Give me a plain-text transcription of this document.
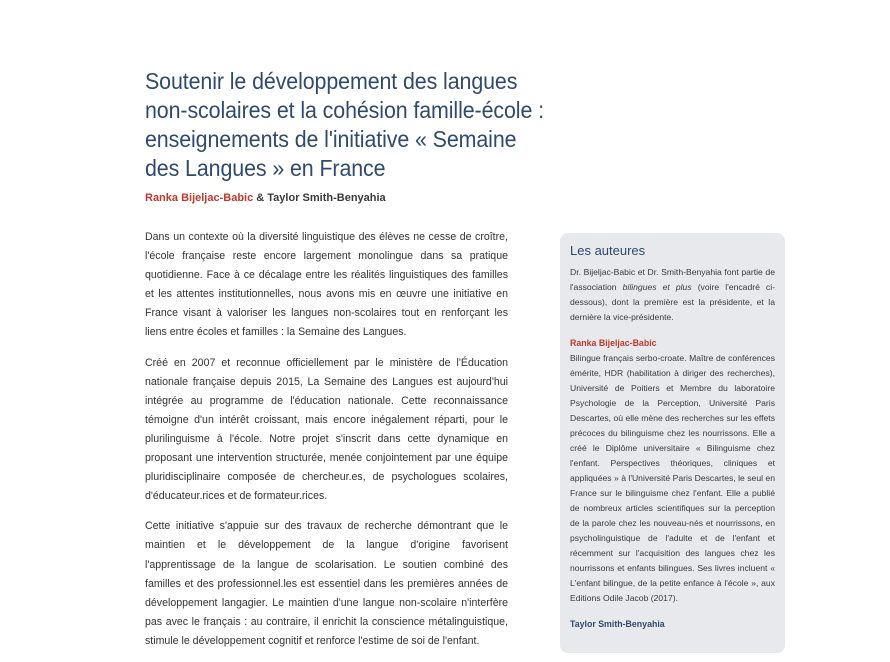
Soutenir le développement des langues non-scolaires et la cohésion famille-école : enseignements de l'initiative « Semaine des Langues » en France
Ranka Bijeljac-Babic & Taylor Smith-Benyahia

Dans un contexte où la diversité linguistique des élèves ne cesse de croître, l'école française reste encore largement monolingue dans sa pratique quotidienne. Face à ce décalage entre les réalités linguistiques des familles et les attentes institutionnelles, nous avons mis en œuvre une initiative en France visant à valoriser les langues non-scolaires tout en renforçant les liens entre écoles et familles : la Semaine des Langues.

Créé en 2007 et reconnue officiellement par le ministère de l'Éducation nationale française depuis 2015, La Semaine des Langues est aujourd'hui intégrée au programme de l'éducation nationale. Cette reconnaissance témoigne d'un intérêt croissant, mais encore inégalement réparti, pour le plurilinguisme à l'école. Notre projet s'inscrit dans cette dynamique en proposant une intervention structurée, menée conjointement par une équipe pluridisciplinaire composée de chercheur.es, de psychologues scolaires, d'éducateur.rices et de formateur.rices.

Cette initiative s'appuie sur des travaux de recherche démontrant que le maintien et le développement de la langue d'origine favorisent l'apprentissage de la langue de scolarisation. Le soutien combiné des familles et des professionnel.les est essentiel dans les premières années de développement langagier. Le maintien d'une langue non-scolaire n'interfère pas avec le français : au contraire, il enrichit la conscience métalinguistique, stimule le développement cognitif et renforce l'estime de soi de l'enfant.

Les auteures

Dr. Bijeljac-Babic et Dr. Smith-Benyahia font partie de l'association bilingues et plus (voire l'encadré ci-dessous), dont la première est la présidente, et la dernière la vice-présidente.

Ranka Bijeljac-Babic

Bilingue français serbo-croate. Maître de conférences émérite, HDR (habilitation à diriger des recherches), Université de Poitiers et Membre du laboratoire Psychologie de la Perception, Université Paris Descartes, où elle mène des recherches sur les effets précoces du bilinguisme chez les nourrissons. Elle a créé le Diplôme universitaire « Bilinguisme chez l'enfant. Perspectives théoriques, cliniques et appliquées » à l'Université Paris Descartes, le seul en France sur le bilinguisme chez l'enfant. Elle a publié de nombreux articles scientifiques sur la perception de la parole chez les nouveau-nés et nourrissons, en psycholinguistique de l'adulte et de l'enfant et récemment sur l'acquisition des langues chez les nourrissons et enfants bilingues. Ses livres incluent « L'enfant bilingue, de la petite enfance à l'école », aux Editions Odile Jacob (2017).

Taylor Smith-Benyahia
